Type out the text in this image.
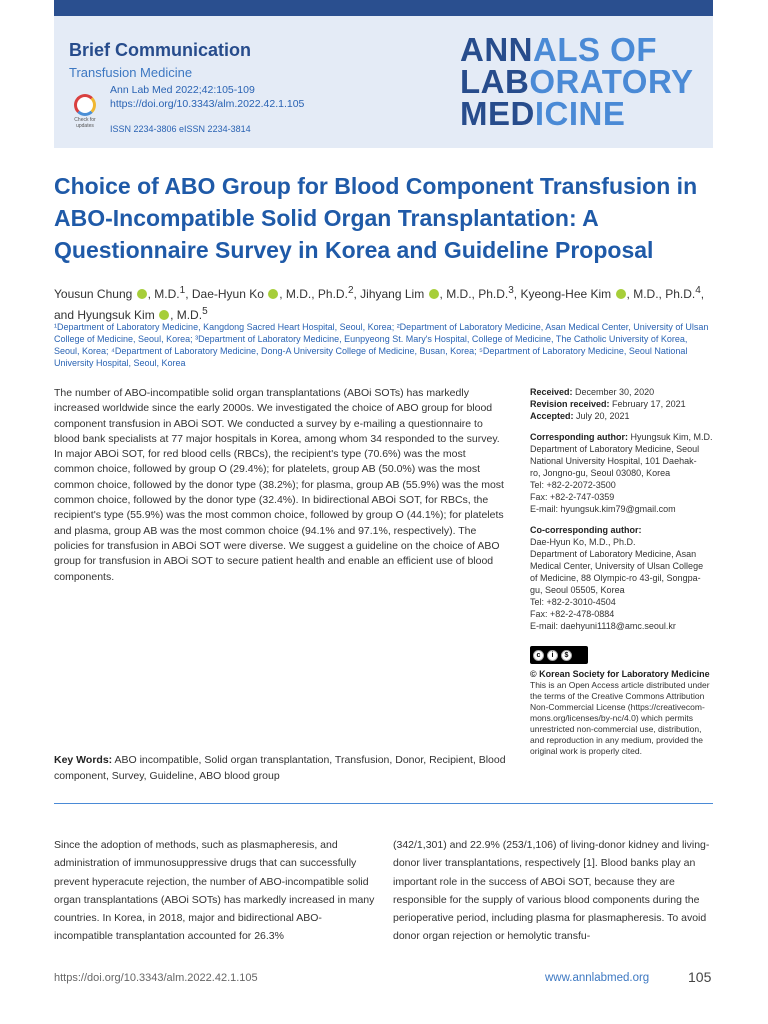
Brief Communication
Transfusion Medicine
Check for updates
Ann Lab Med 2022;42:105-109
https://doi.org/10.3343/alm.2022.42.1.105
ISSN 2234-3806 eISSN 2234-3814
ANNALS OF
LABORATORY
MEDICINE
Choice of ABO Group for Blood Component Transfusion in ABO-Incompatible Solid Organ Transplantation: A Questionnaire Survey in Korea and Guideline Proposal
Yousun Chung , M.D.$^1$, Dae-Hyun Ko , M.D., Ph.D.$^2$, Jihyang Lim , M.D., Ph.D.$^3$, Kyeong-Hee Kim , M.D., Ph.D.$^4$, and Hyungsuk Kim , M.D.$^5$
¹Department of Laboratory Medicine, Kangdong Sacred Heart Hospital, Seoul, Korea; ²Department of Laboratory Medicine, Asan Medical Center, University of Ulsan College of Medicine, Seoul, Korea; ³Department of Laboratory Medicine, Eunpyeong St. Mary's Hospital, College of Medicine, The Catholic University of Korea, Seoul, Korea; ⁴Department of Laboratory Medicine, Dong-A University College of Medicine, Busan, Korea; ⁵Department of Laboratory Medicine, Seoul National University Hospital, Seoul, Korea

The number of ABO-incompatible solid organ transplantations (ABOi SOTs) has markedly increased worldwide since the early 2000s. We investigated the choice of ABO group for blood component transfusion in ABOi SOT. We conducted a survey by e-mailing a questionnaire to blood bank specialists at 77 major hospitals in Korea, among whom 34 responded to the survey. In major ABOi SOT, for red blood cells (RBCs), the recipient's type (70.6%) was the most common choice, followed by group O (29.4%); for platelets, group AB (50.0%) was the most common choice, followed by the donor type (38.2%); for plasma, group AB (55.9%) was the most common choice, followed by the donor type (32.4%). In bidirectional ABOi SOT, for RBCs, the recipient's type (55.9%) was the most common choice, followed by group O (44.1%); for platelets and plasma, group AB was the most common choice (94.1% and 97.1%, respectively). The policies for transfusion in ABOi SOT were diverse. We suggest a guideline on the choice of ABO group for transfusion in ABOi SOT to secure patient health and enable an efficient use of blood components.

Key Words: ABO incompatible, Solid organ transplantation, Transfusion, Donor, Recipient, Blood component, Survey, Guideline, ABO blood group

Received: December 30, 2020
Revision received: February 17, 2021
Accepted: July 20, 2021
Corresponding author: Hyungsuk Kim, M.D.
Department of Laboratory Medicine, Seoul
National University Hospital, 101 Daehak-
ro, Jongno-gu, Seoul 03080, Korea
Tel: +82-2-2072-3500
Fax: +82-2-747-0359
E-mail: hyungsuk.kim79@gmail.com
Co-corresponding author:
Dae-Hyun Ko, M.D., Ph.D.
Department of Laboratory Medicine, Asan
Medical Center, University of Ulsan College
of Medicine, 88 Olympic-ro 43-gil, Songpa-
gu, Seoul 05505, Korea
Tel: +82-2-3010-4504
Fax: +82-2-478-0884
E-mail: daehyuni1118@amc.seoul.kr
c	i	$
© Korean Society for Laboratory Medicine
This is an Open Access article distributed under
the terms of the Creative Commons Attribution
Non-Commercial License (https://creativecom-
mons.org/licenses/by-nc/4.0) which permits
unrestricted non-commercial use, distribution,
and reproduction in any medium, provided the
original work is properly cited.

Since the adoption of methods, such as plasmapheresis, and administration of immunosuppressive drugs that can successfully prevent hyperacute rejection, the number of ABO-incompatible solid organ transplantations (ABOi SOTs) has markedly increased in many countries. In Korea, in 2018, major and bidirectional ABO-incompatible transplantation accounted for 26.3%

(342/1,301) and 22.9% (253/1,106) of living-donor kidney and living-donor liver transplantations, respectively [1]. Blood banks play an important role in the success of ABOi SOT, because they are responsible for the supply of various blood components during the perioperative period, including plasma for plasmapheresis. To avoid donor organ rejection or hemolytic transfu-

https://doi.org/10.3343/alm.2022.42.1.105	www.annlabmed.org	105
